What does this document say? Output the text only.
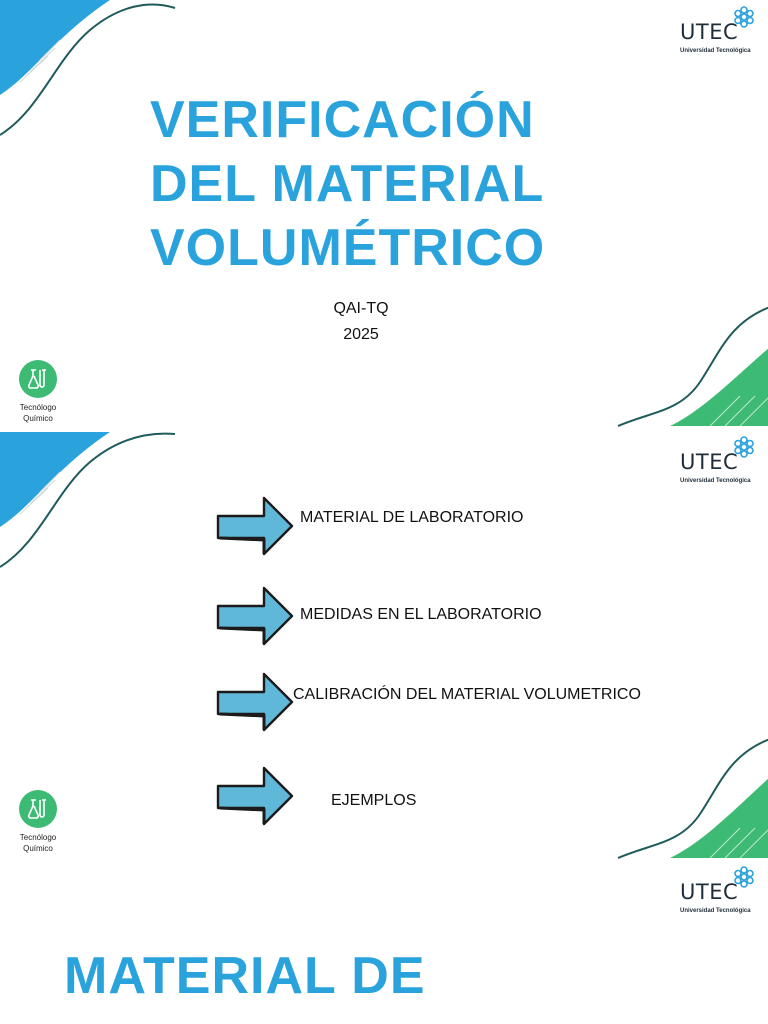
UTEC
Universidad Tecnológica
VERIFICACIÓN
DEL MATERIAL
VOLUMÉTRICO
QAI-TQ
2025
Tecnólogo
Químico
UTEC
Universidad Tecnológica
MATERIAL DE LABORATORIO
MEDIDAS EN EL LABORATORIO
CALIBRACIÓN DEL MATERIAL VOLUMETRICO
EJEMPLOS
Tecnólogo
Químico
UTEC
Universidad Tecnológica
MATERIAL DE
